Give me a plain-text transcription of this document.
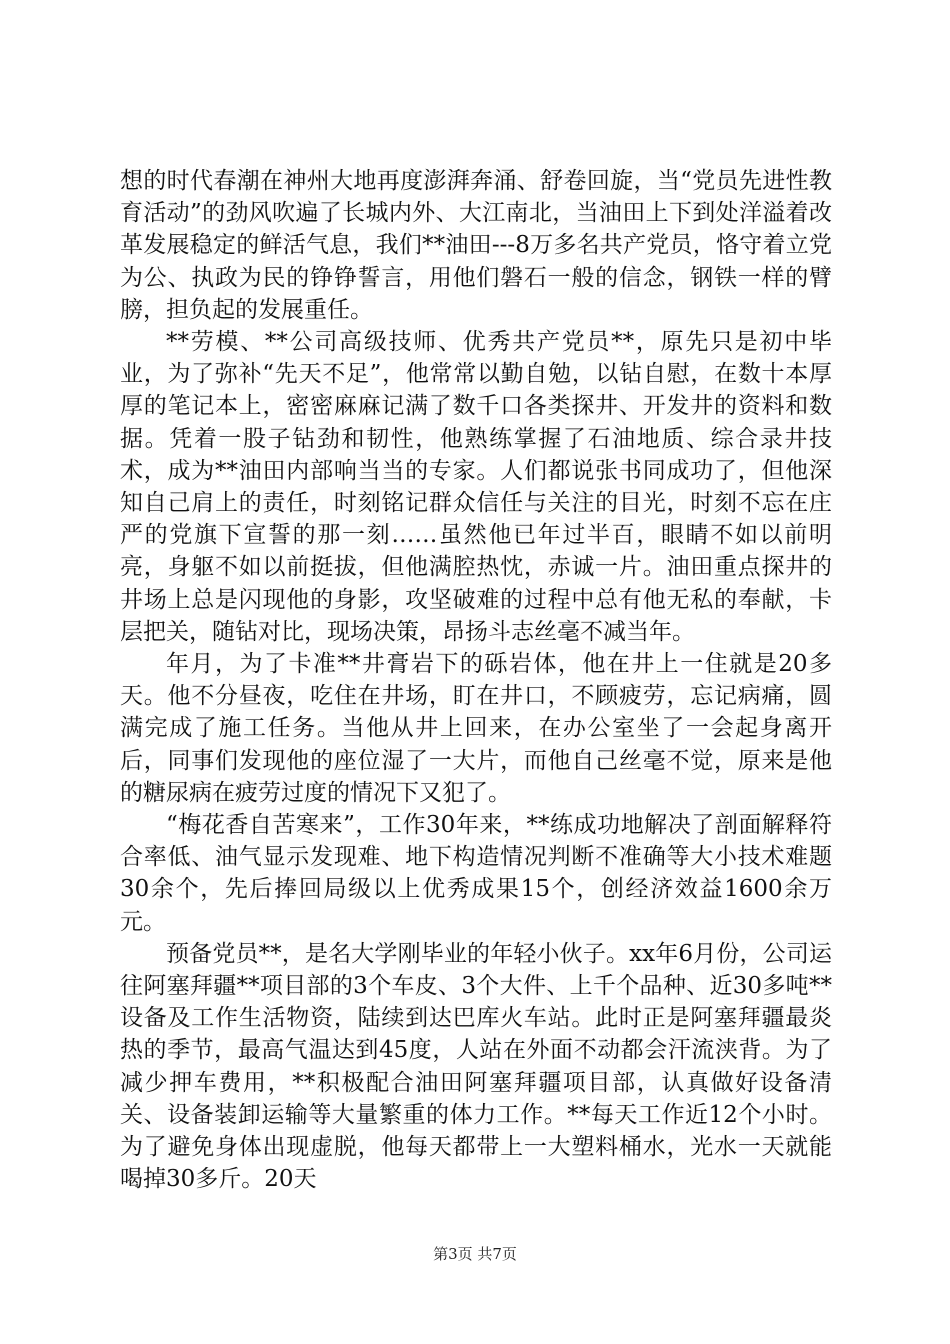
想的时代春潮在神州大地再度澎湃奔涌、舒卷回旋，当“党员先进性教育活动”的劲风吹遍了长城内外、大江南北，当油田上下到处洋溢着改革发展稳定的鲜活气息，我们**油田---8万多名共产党员，恪守着立党为公、执政为民的铮铮誓言，用他们磐石一般的信念，钢铁一样的臂膀，担负起的发展重任。

**劳模、**公司高级技师、优秀共产党员**，原先只是初中毕业，为了弥补“先天不足”，他常常以勤自勉，以钻自慰，在数十本厚厚的笔记本上，密密麻麻记满了数千口各类探井、开发井的资料和数据。凭着一股子钻劲和韧性，他熟练掌握了石油地质、综合录井技术，成为**油田内部响当当的专家。人们都说张书同成功了，但他深知自己肩上的责任，时刻铭记群众信任与关注的目光，时刻不忘在庄严的党旗下宣誓的那一刻……虽然他已年过半百，眼睛不如以前明亮，身躯不如以前挺拔，但他满腔热忱，赤诚一片。油田重点探井的井场上总是闪现他的身影，攻坚破难的过程中总有他无私的奉献，卡层把关，随钻对比，现场决策，昂扬斗志丝毫不减当年。

年月，为了卡准**井膏岩下的砾岩体，他在井上一住就是20多天。他不分昼夜，吃住在井场，盯在井口，不顾疲劳，忘记病痛，圆满完成了施工任务。当他从井上回来，在办公室坐了一会起身离开后，同事们发现他的座位湿了一大片，而他自己丝毫不觉，原来是他的糖尿病在疲劳过度的情况下又犯了。

“梅花香自苦寒来”，工作30年来，**练成功地解决了剖面解释符合率低、油气显示发现难、地下构造情况判断不准确等大小技术难题30余个，先后捧回局级以上优秀成果15个，创经济效益1600余万元。

预备党员**，是名大学刚毕业的年轻小伙子。xx年6月份，公司运往阿塞拜疆**项目部的3个车皮、3个大件、上千个品种、近30多吨**设备及工作生活物资，陆续到达巴库火车站。此时正是阿塞拜疆最炎热的季节，最高气温达到45度，人站在外面不动都会汗流浃背。为了减少押车费用，**积极配合油田阿塞拜疆项目部，认真做好设备清关、设备装卸运输等大量繁重的体力工作。**每天工作近12个小时。为了避免身体出现虚脱，他每天都带上一大塑料桶水，光水一天就能喝掉30多斤。20天

第3页 共7页
